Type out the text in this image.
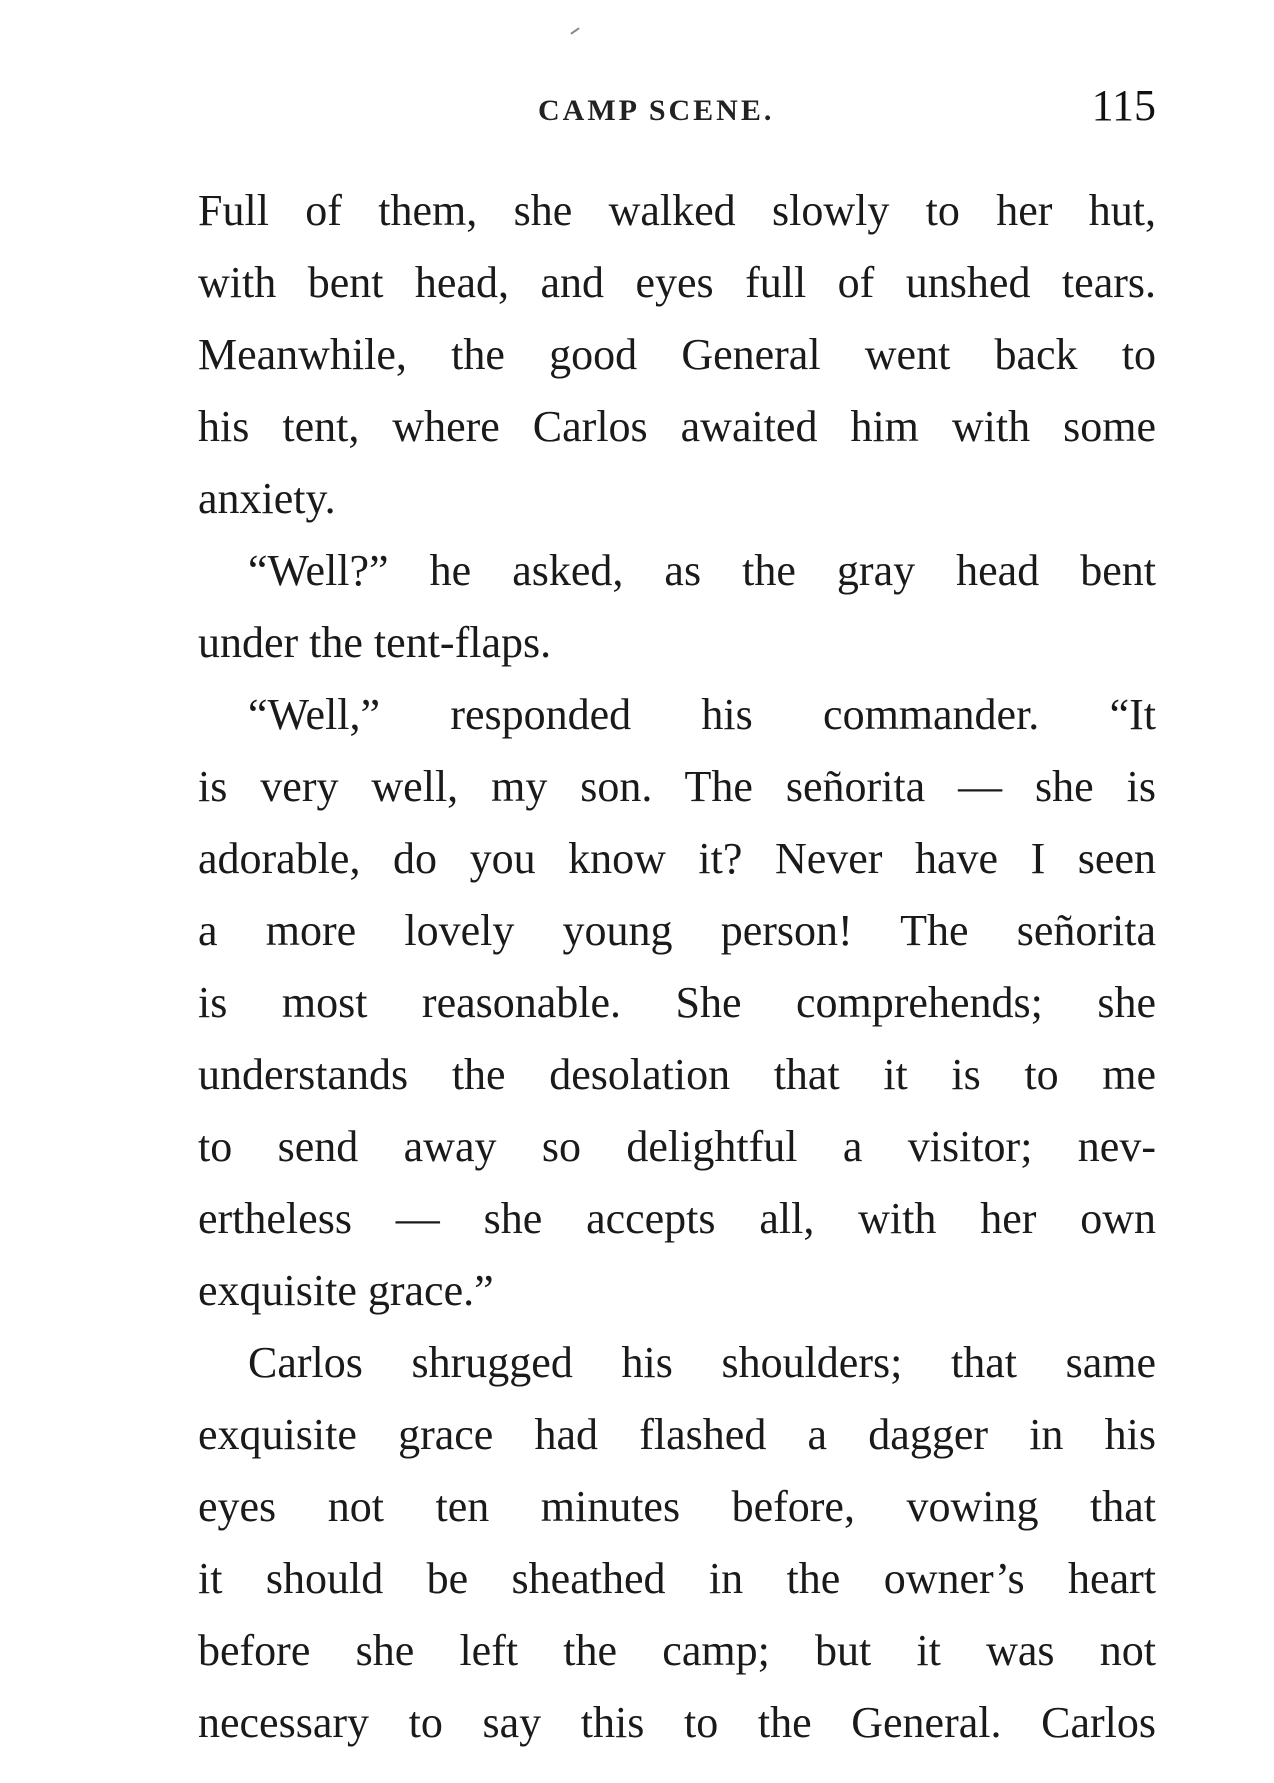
CAMP SCENE.	115
Full of them, she walked slowly to her hut,
with bent head, and eyes full of unshed tears.
Meanwhile, the good General went back to
his tent, where Carlos awaited him with some
anxiety.
“Well?” he asked, as the gray head bent
under the tent-flaps.
“Well,” responded his commander. “It
is very well, my son. The señorita — she is
adorable, do you know it? Never have I seen
a more lovely young person! The señorita
is most reasonable. She comprehends; she
understands the desolation that it is to me
to send away so delightful a visitor; nev-
ertheless — she accepts all, with her own
exquisite grace.”
Carlos shrugged his shoulders; that same
exquisite grace had flashed a dagger in his
eyes not ten minutes before, vowing that
it should be sheathed in the owner’s heart
before she left the camp; but it was not
necessary to say this to the General. Carlos
